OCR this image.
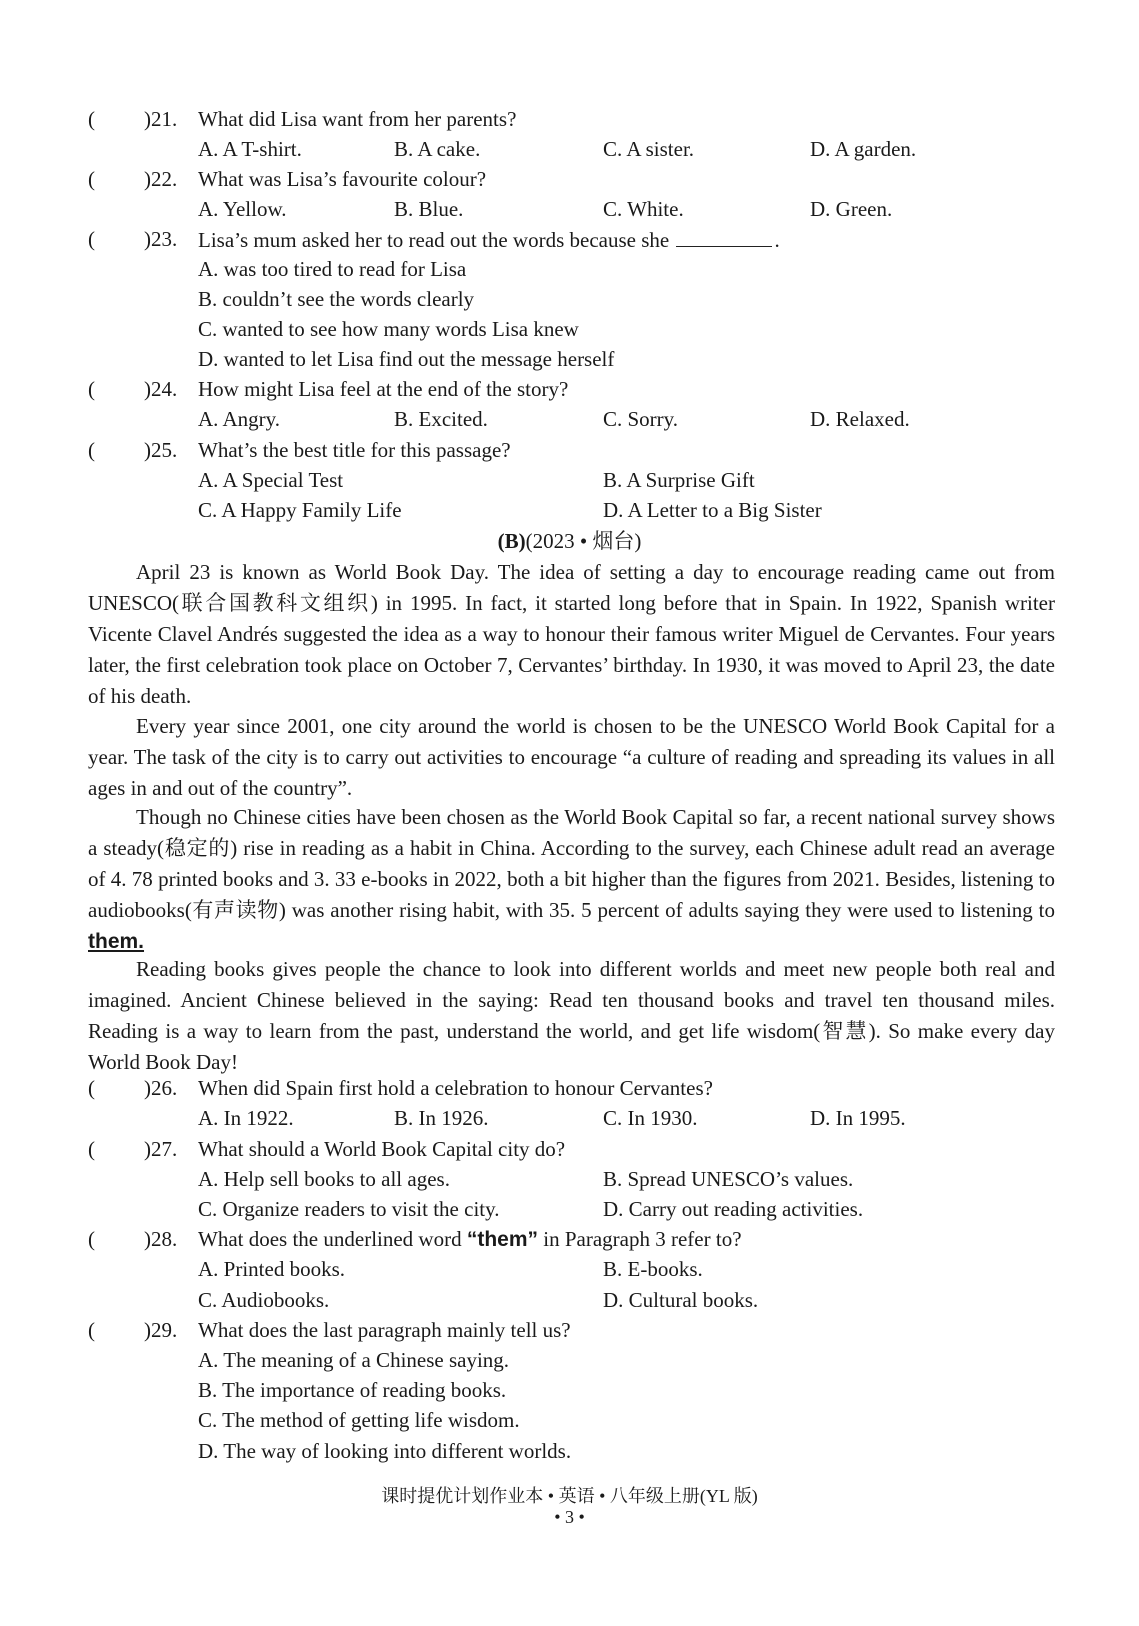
( )21. What did Lisa want from her parents?
A. A T-shirt.	B. A cake.	C. A sister.	D. A garden.
( )22. What was Lisa’s favourite colour?
A. Yellow.	B. Blue.	C. White.	D. Green.
( )23. Lisa’s mum asked her to read out the words because she	.
A. was too tired to read for Lisa
B. couldn’t see the words clearly
C. wanted to see how many words Lisa knew
D. wanted to let Lisa find out the message herself
( )24. How might Lisa feel at the end of the story?
A. Angry.	B. Excited.	C. Sorry.	D. Relaxed.
( )25. What’s the best title for this passage?
A. A Special Test	B. A Surprise Gift
C. A Happy Family Life	D. A Letter to a Big Sister
(B)(2023 • 烟台)
April 23 is known as World Book Day. The idea of setting a day to encourage reading came out from UNESCO(联合国教科文组织) in 1995. In fact, it started long before that in Spain. In 1922, Spanish writer Vicente Clavel Andrés suggested the idea as a way to honour their famous writer Miguel de Cervantes. Four years later, the first celebration took place on October 7, Cervantes’ birthday. In 1930, it was moved to April 23, the date of his death.
Every year since 2001, one city around the world is chosen to be the UNESCO World Book Capital for a year. The task of the city is to carry out activities to encourage “a culture of reading and spreading its values in all ages in and out of the country”.
Though no Chinese cities have been chosen as the World Book Capital so far, a recent national survey shows a steady(稳定的) rise in reading as a habit in China. According to the survey, each Chinese adult read an average of 4. 78 printed books and 3. 33 e-books in 2022, both a bit higher than the figures from 2021. Besides, listening to audiobooks(有声读物) was another rising habit, with 35. 5 percent of adults saying they were used to listening to them.
Reading books gives people the chance to look into different worlds and meet new people both real and imagined. Ancient Chinese believed in the saying: Read ten thousand books and travel ten thousand miles. Reading is a way to learn from the past, understand the world, and get life wisdom(智慧). So make every day World Book Day!
( )26. When did Spain first hold a celebration to honour Cervantes?
A. In 1922.	B. In 1926.	C. In 1930.	D. In 1995.
( )27. What should a World Book Capital city do?
A. Help sell books to all ages.	B. Spread UNESCO’s values.
C. Organize readers to visit the city.	D. Carry out reading activities.
( )28. What does the underlined word “them” in Paragraph 3 refer to?
A. Printed books.	B. E-books.
C. Audiobooks.	D. Cultural books.
( )29. What does the last paragraph mainly tell us?
A. The meaning of a Chinese saying.
B. The importance of reading books.
C. The method of getting life wisdom.
D. The way of looking into different worlds.
课时提优计划作业本 • 英语 • 八年级上册(YL 版)
• 3 •
